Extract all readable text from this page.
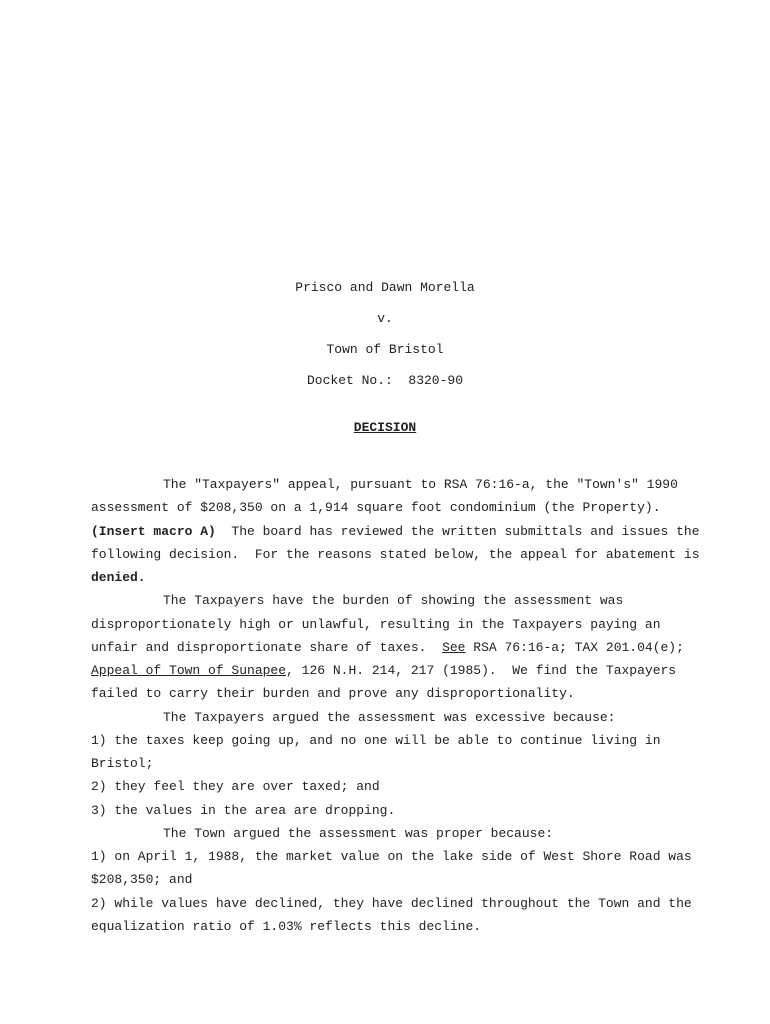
Prisco and Dawn Morella
v.
Town of Bristol
Docket No.:  8320-90
DECISION
The "Taxpayers" appeal, pursuant to RSA 76:16-a, the "Town's" 1990
assessment of $208,350 on a 1,914 square foot condominium (the Property).
(Insert macro A)  The board has reviewed the written submittals and issues the
following decision.  For the reasons stated below, the appeal for abatement is
denied.
The Taxpayers have the burden of showing the assessment was
disproportionately high or unlawful, resulting in the Taxpayers paying an
unfair and disproportionate share of taxes.  See RSA 76:16-a; TAX 201.04(e);
Appeal of Town of Sunapee, 126 N.H. 214, 217 (1985).  We find the Taxpayers
failed to carry their burden and prove any disproportionality.
The Taxpayers argued the assessment was excessive because:
1) the taxes keep going up, and no one will be able to continue living in
Bristol;
2) they feel they are over taxed; and
3) the values in the area are dropping.
The Town argued the assessment was proper because:
1) on April 1, 1988, the market value on the lake side of West Shore Road was
$208,350; and
2) while values have declined, they have declined throughout the Town and the
equalization ratio of 1.03% reflects this decline.
